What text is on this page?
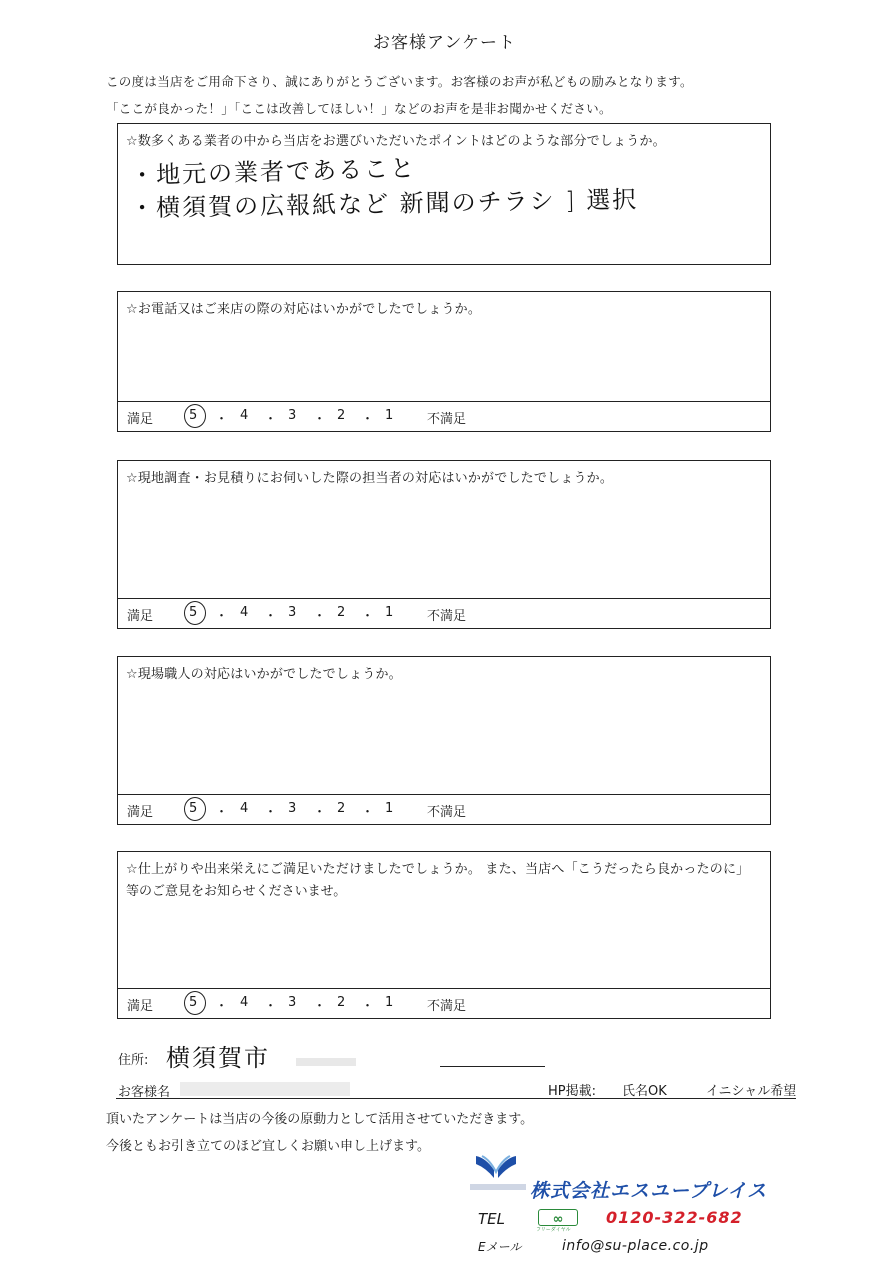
お客様アンケート
この度は当店をご用命下さり、誠にありがとうございます。お客様のお声が私どもの励みとなります。
「ここが良かった！」「ここは改善してほしい！」などのお声を是非お聞かせください。
☆数多くある業者の中から当店をお選びいただいたポイントはどのような部分でしょうか。
・地元の業者であること
・横須賀の広報紙など 新聞のチラシ ] 選択
☆お電話又はご来店の際の対応はいかがでしたでしょうか。
満足	5 ・ 4 ・ 3 ・ 2 ・ 1	不満足
☆現地調査・お見積りにお伺いした際の担当者の対応はいかがでしたでしょうか。
満足	5 ・ 4 ・ 3 ・ 2 ・ 1	不満足
☆現場職人の対応はいかがでしたでしょうか。
満足	5 ・ 4 ・ 3 ・ 2 ・ 1	不満足
☆仕上がりや出来栄えにご満足いただけましたでしょうか。 また、当店へ「こうだったら良かったのに」
等のご意見をお知らせくださいませ。
満足	5 ・ 4 ・ 3 ・ 2 ・ 1	不満足
住所: 横須賀市
お客様名	HP掲載: 氏名OK	イニシャル希望
頂いたアンケートは当店の今後の原動力として活用させていただきます。
今後ともお引き立てのほど宜しくお願い申し上げます。
株式会社エスユープレイス
TEL	∞
フリーダイヤル
0120-322-682
Eメール	info@su-place.co.jp
